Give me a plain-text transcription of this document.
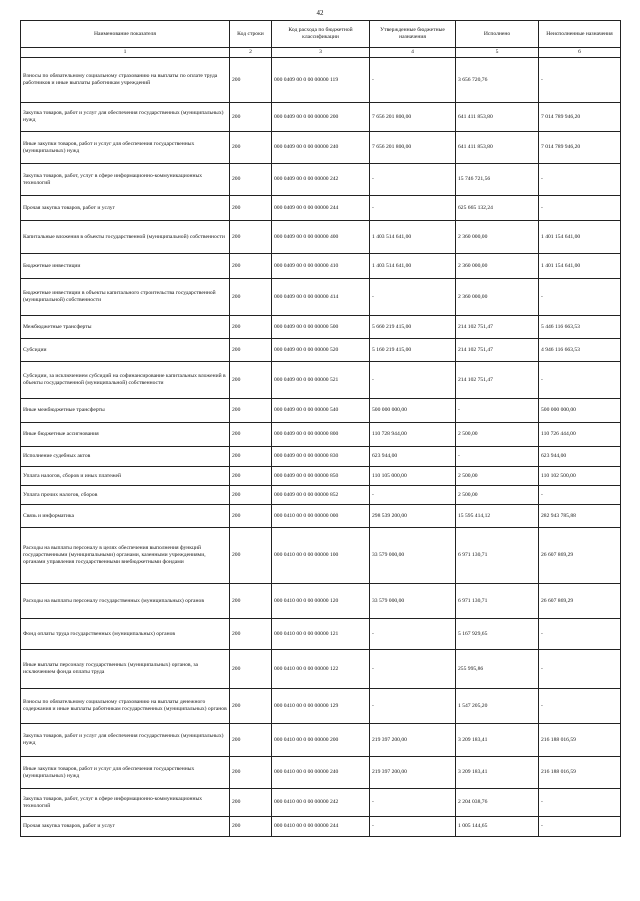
42
Наименование показателя	Код строки	Код расхода по бюджетной классификации	Утвержденные бюджетные назначения	Исполнено	Неисполненные назначения
1	2	3	4	5	6
Взносы по обязательному социальному страхованию на выплаты по оплате труда работников и иные выплаты работникам учреждений	200	000 0409 00 0 00 00000 119	-	3 656 720,76	-
Закупка товаров, работ и услуг для обеспечения государственных (муниципальных) нужд	200	000 0409 00 0 00 00000 200	7 656 201 800,00	641 411 853,80	7 014 789 946,20
Иные закупки товаров, работ и услуг для обеспечения государственных (муниципальных) нужд	200	000 0409 00 0 00 00000 240	7 656 201 800,00	641 411 853,80	7 014 789 946,20
Закупка товаров, работ, услуг в сфере информационно-коммуникационных технологий	200	000 0409 00 0 00 00000 242	-	15 746 721,56	-
Прочая закупка товаров, работ и услуг	200	000 0409 00 0 00 00000 244	-	625 665 132,24	-
Капитальные вложения в объекты государственной (муниципальной) собственности	200	000 0409 00 0 00 00000 400	1 403 514 641,00	2 360 000,00	1 401 154 641,00
Бюджетные инвестиции	200	000 0409 00 0 00 00000 410	1 403 514 641,00	2 360 000,00	1 401 154 641,00
Бюджетные инвестиции в объекты капитального строительства государственной (муниципальной) собственности	200	000 0409 00 0 00 00000 414	-	2 360 000,00	-
Межбюджетные трансферты	200	000 0409 00 0 00 00000 500	5 660 219 415,00	214 102 751,47	5 446 116 663,53
Субсидии	200	000 0409 00 0 00 00000 520	5 160 219 415,00	214 102 751,47	4 946 116 663,53
Субсидии, за исключением субсидий на софинансирование капитальных вложений в объекты государственной (муниципальной) собственности	200	000 0409 00 0 00 00000 521	-	214 102 751,47	-
Иные межбюджетные трансферты	200	000 0409 00 0 00 00000 540	500 000 000,00	-	500 000 000,00
Иные бюджетные ассигнования	200	000 0409 00 0 00 00000 800	110 728 944,00	2 500,00	110 726 444,00
Исполнение судебных актов	200	000 0409 00 0 00 00000 830	623 944,00	-	623 944,00
Уплата налогов, сборов и иных платежей	200	000 0409 00 0 00 00000 850	110 105 000,00	2 500,00	110 102 500,00
Уплата прочих налогов, сборов	200	000 0409 00 0 00 00000 852	-	2 500,00	-
Связь и информатика	200	000 0410 00 0 00 00000 000	298 539 200,00	15 595 414,12	282 943 785,88
Расходы на выплаты персоналу в целях обеспечения выполнения функций государственными (муниципальными) органами, казенными учреждениями, органами управления государственными внебюджетными фондами	200	000 0410 00 0 00 00000 100	33 579 000,00	6 971 130,71	26 607 869,29
Расходы на выплаты персоналу государственных (муниципальных) органов	200	000 0410 00 0 00 00000 120	33 579 000,00	6 971 130,71	26 607 869,29
Фонд оплаты труда государственных (муниципальных) органов	200	000 0410 00 0 00 00000 121	-	5 167 929,65	-
Иные выплаты персоналу государственных (муниципальных) органов, за исключением фонда оплаты труда	200	000 0410 00 0 00 00000 122	-	255 995,86	-
Взносы по обязательному социальному страхованию на выплаты денежного содержания и иные выплаты работникам государственных (муниципальных) органов	200	000 0410 00 0 00 00000 129	-	1 547 205,20	-
Закупка товаров, работ и услуг для обеспечения государственных (муниципальных) нужд	200	000 0410 00 0 00 00000 200	219 397 200,00	3 209 183,41	216 188 016,59
Иные закупки товаров, работ и услуг для обеспечения государственных (муниципальных) нужд	200	000 0410 00 0 00 00000 240	219 397 200,00	3 209 183,41	216 188 016,59
Закупка товаров, работ, услуг в сфере информационно-коммуникационных технологий	200	000 0410 00 0 00 00000 242	-	2 204 038,76	-
Прочая закупка товаров, работ и услуг	200	000 0410 00 0 00 00000 244	-	1 005 144,65	-
